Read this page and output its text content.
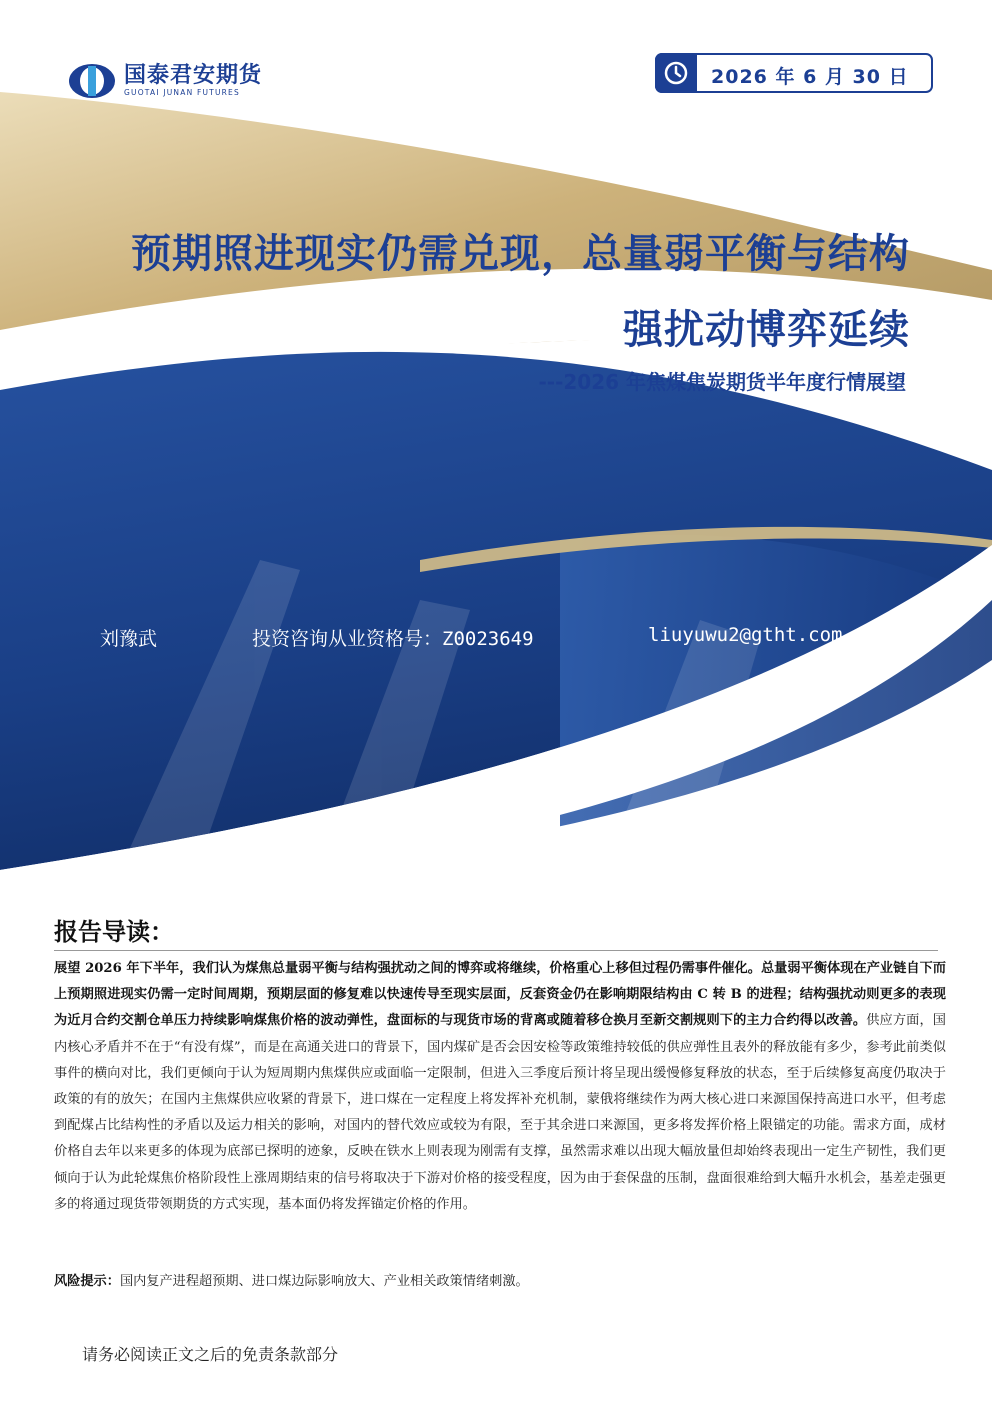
国泰君安期货
GUOTAI JUNAN FUTURES
2026 年 6 月 30 日
预期照进现实仍需兑现，总量弱平衡与结构
强扰动博弈延续
---2026 年焦煤焦炭期货半年度行情展望
刘豫武	投资咨询从业资格号：Z0023649	liuyuwu2@gtht.com
报告导读：
展望 2026 年下半年，我们认为煤焦总量弱平衡与结构强扰动之间的博弈或将继续，价格重心上移但过程仍需事件催化。总量弱平衡体现在产业链自下而上预期照进现实仍需一定时间周期，预期层面的修复难以快速传导至现实层面，反套资金仍在影响期限结构由 C 转 B 的进程；结构强扰动则更多的表现为近月合约交割仓单压力持续影响煤焦价格的波动弹性，盘面标的与现货市场的背离或随着移仓换月至新交割规则下的主力合约得以改善。供应方面，国内核心矛盾并不在于“有没有煤”，而是在高通关进口的背景下，国内煤矿是否会因安检等政策维持较低的供应弹性且表外的释放能有多少，参考此前类似事件的横向对比，我们更倾向于认为短周期内焦煤供应或面临一定限制，但进入三季度后预计将呈现出缓慢修复释放的状态，至于后续修复高度仍取决于政策的有的放矢；在国内主焦煤供应收紧的背景下，进口煤在一定程度上将发挥补充机制，蒙俄将继续作为两大核心进口来源国保持高进口水平，但考虑到配煤占比结构性的矛盾以及运力相关的影响，对国内的替代效应或较为有限，至于其余进口来源国，更多将发挥价格上限锚定的功能。需求方面，成材价格自去年以来更多的体现为底部已探明的迹象，反映在铁水上则表现为刚需有支撑，虽然需求难以出现大幅放量但却始终表现出一定生产韧性，我们更倾向于认为此轮煤焦价格阶段性上涨周期结束的信号将取决于下游对价格的接受程度，因为由于套保盘的压制，盘面很难给到大幅升水机会，基差走强更多的将通过现货带领期货的方式实现，基本面仍将发挥锚定价格的作用。
风险提示：国内复产进程超预期、进口煤边际影响放大、产业相关政策情绪刺激。
请务必阅读正文之后的免责条款部分
